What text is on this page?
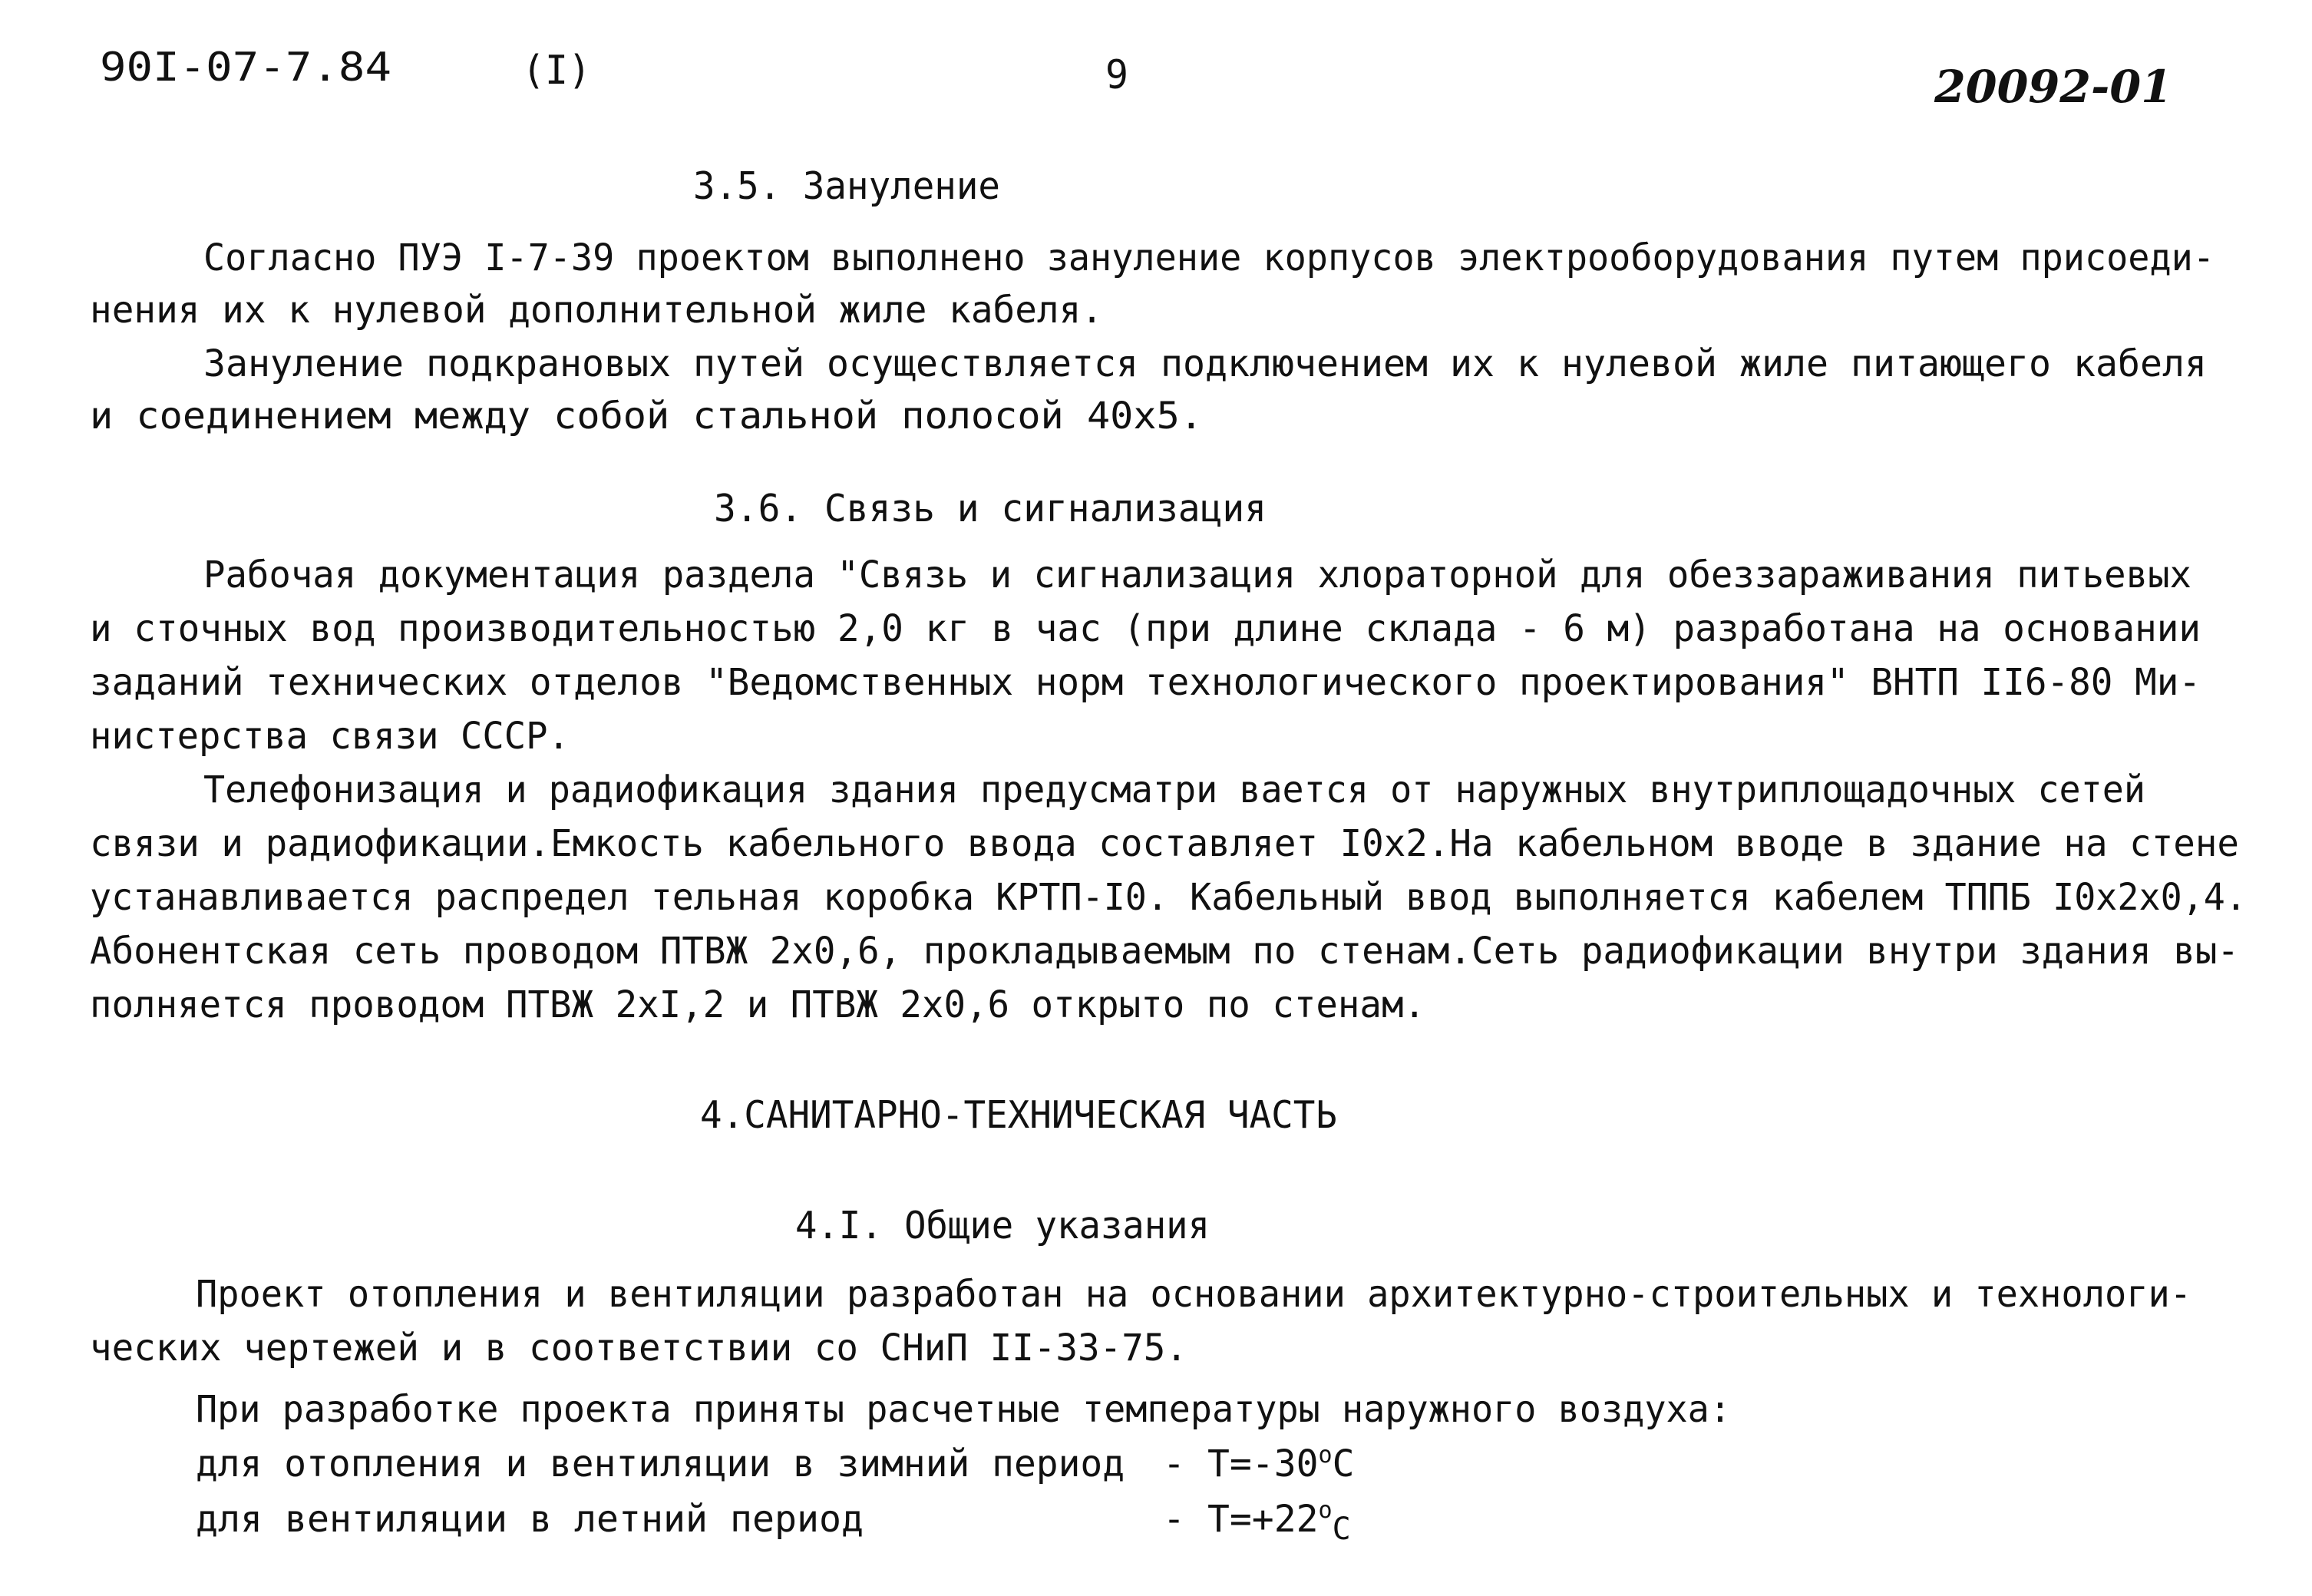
90I-07-7.84	(I)	9	20092-01
3.5. Зануление
Согласно ПУЭ I-7-39 проектом выполнено зануление корпусов электрооборудования путем присоеди-
нения их к нулевой дополнительной жиле кабеля.
Зануление подкрановых путей осуществляется подключением их к нулевой жиле питающего кабеля
и соединением между собой стальной полосой 40х5.
3.6. Связь и сигнализация
Рабочая документация раздела "Связь и сигнализация хлораторной для обеззараживания питьевых
и сточных вод производительностью 2,0 кг в час (при длине склада - 6 м) разработана на основании
заданий технических отделов "Ведомственных норм технологического проектирования" ВНТП II6-80 Ми-
нистерства связи СССР.
Телефонизация и радиофикация здания предусматри вается от наружных внутриплощадочных сетей
связи и радиофикации.Емкость кабельного ввода составляет I0х2.На кабельном вводе в здание на стене
устанавливается распредел тельная коробка КРТП-I0. Кабельный ввод выполняется кабелем ТППБ I0х2х0,4.
Абонентская сеть проводом ПТВЖ 2х0,6, прокладываемым по стенам.Сеть радиофикации внутри здания вы-
полняется проводом ПТВЖ 2хI,2 и ПТВЖ 2х0,6 открыто по стенам.
4.САНИТАРНО-ТЕХНИЧЕСКАЯ ЧАСТЬ
4.I. Общие указания
Проект отопления и вентиляции разработан на основании архитектурно-строительных и технологи-
ческих чертежей и в соответствии со СНиП II-33-75.
При разработке проекта приняты расчетные температуры наружного воздуха:
для отопления и вентиляции в зимний период - $Т=-30^оС$
для вентиляции в летний период	- $Т=+22^о_С$
